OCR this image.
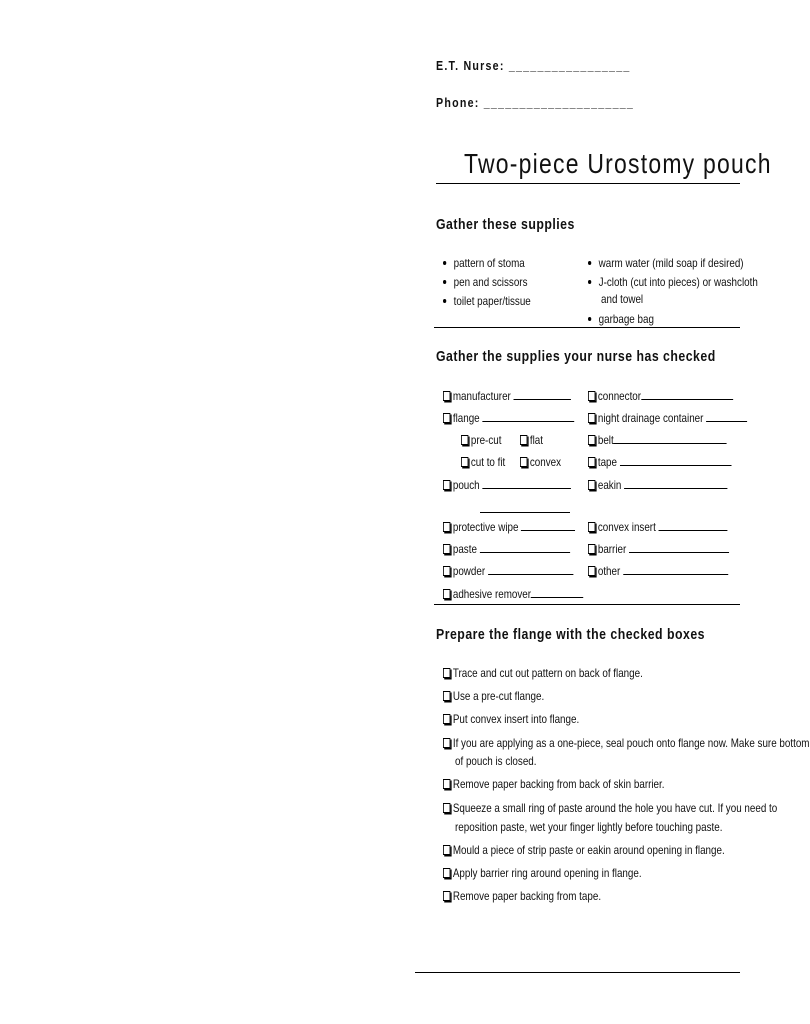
E.T. Nurse: _________________
Phone: _____________________
Two-piece Urostomy pouch
Gather these supplies
pattern of stoma
pen and scissors
toilet paper/tissue
warm water (mild soap if desired)
J-cloth (cut into pieces) or washcloth
and towel
garbage bag
Gather the supplies your nurse has checked
manufacturer
flange
pre-cut	flat
cut to fit	convex
pouch
protective wipe
paste
powder
adhesive remover
connector
night drainage container
belt
tape
eakin
convex insert
barrier
other
Prepare the flange with the checked boxes
Trace and cut out pattern on back of flange.
Use a pre-cut flange.
Put convex insert into flange.
If you are applying as a one-piece, seal pouch onto flange now. Make sure bottom
of pouch is closed.
Remove paper backing from back of skin barrier.
Squeeze a small ring of paste around the hole you have cut. If you need to
reposition paste, wet your finger lightly before touching paste.
Mould a piece of strip paste or eakin around opening in flange.
Apply barrier ring around opening in flange.
Remove paper backing from tape.
